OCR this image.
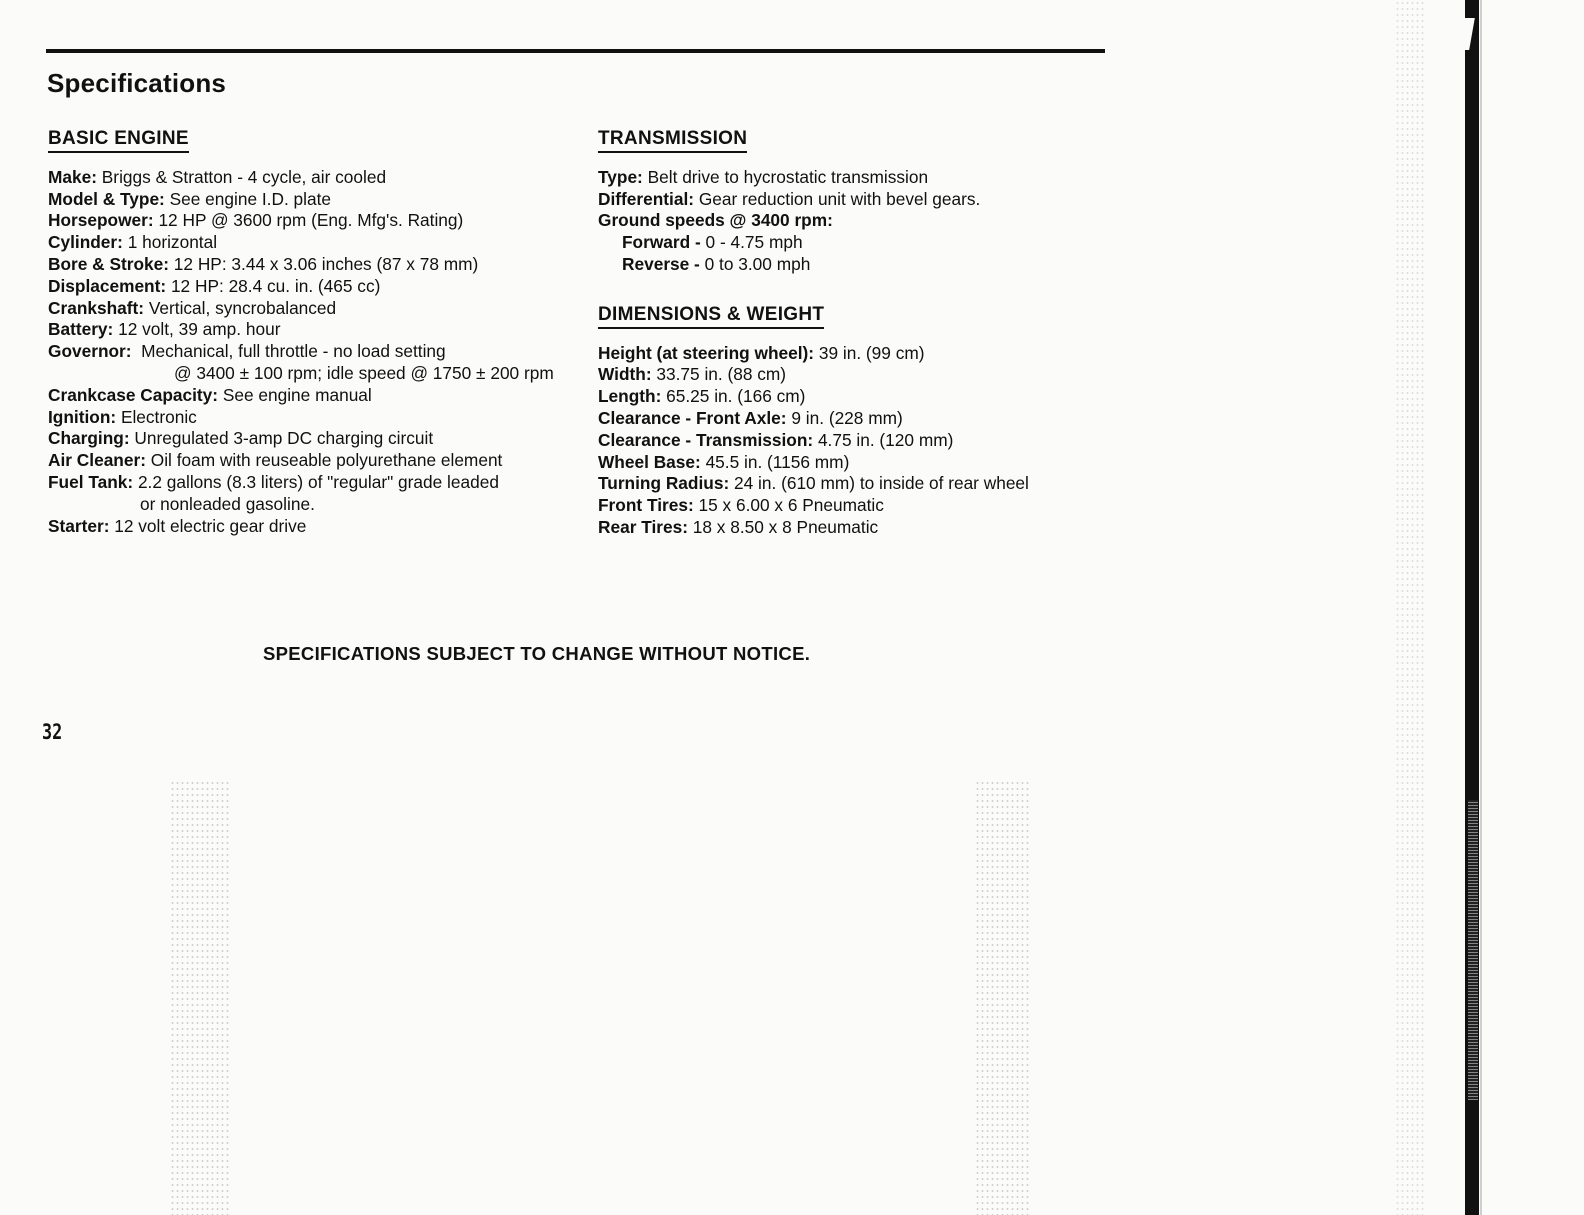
Specifications
BASIC ENGINE

Make: Briggs & Stratton - 4 cycle, air cooled

Model & Type: See engine I.D. plate

Horsepower: 12 HP @ 3600 rpm (Eng. Mfg's. Rating)

Cylinder: 1 horizontal

Bore & Stroke: 12 HP: 3.44 x 3.06 inches (87 x 78 mm)

Displacement: 12 HP: 28.4 cu. in. (465 cc)

Crankshaft: Vertical, syncrobalanced

Battery: 12 volt, 39 amp. hour

Governor:  Mechanical, full throttle - no load setting

@ 3400 ± 100 rpm; idle speed @ 1750 ± 200 rpm

Crankcase Capacity: See engine manual

Ignition: Electronic

Charging: Unregulated 3-amp DC charging circuit

Air Cleaner: Oil foam with reuseable polyurethane element

Fuel Tank: 2.2 gallons (8.3 liters) of "regular" grade leaded

or nonleaded gasoline.

Starter: 12 volt electric gear drive

TRANSMISSION

Type: Belt drive to hycrostatic transmission

Differential: Gear reduction unit with bevel gears.

Ground speeds @ 3400 rpm:

Forward - 0 - 4.75 mph

Reverse - 0 to 3.00 mph

DIMENSIONS & WEIGHT

Height (at steering wheel): 39 in. (99 cm)

Width: 33.75 in. (88 cm)

Length: 65.25 in. (166 cm)

Clearance - Front Axle: 9 in. (228 mm)

Clearance - Transmission: 4.75 in. (120 mm)

Wheel Base: 45.5 in. (1156 mm)

Turning Radius: 24 in. (610 mm) to inside of rear wheel

Front Tires: 15 x 6.00 x 6 Pneumatic

Rear Tires: 18 x 8.50 x 8 Pneumatic

SPECIFICATIONS SUBJECT TO CHANGE WITHOUT NOTICE.
32
